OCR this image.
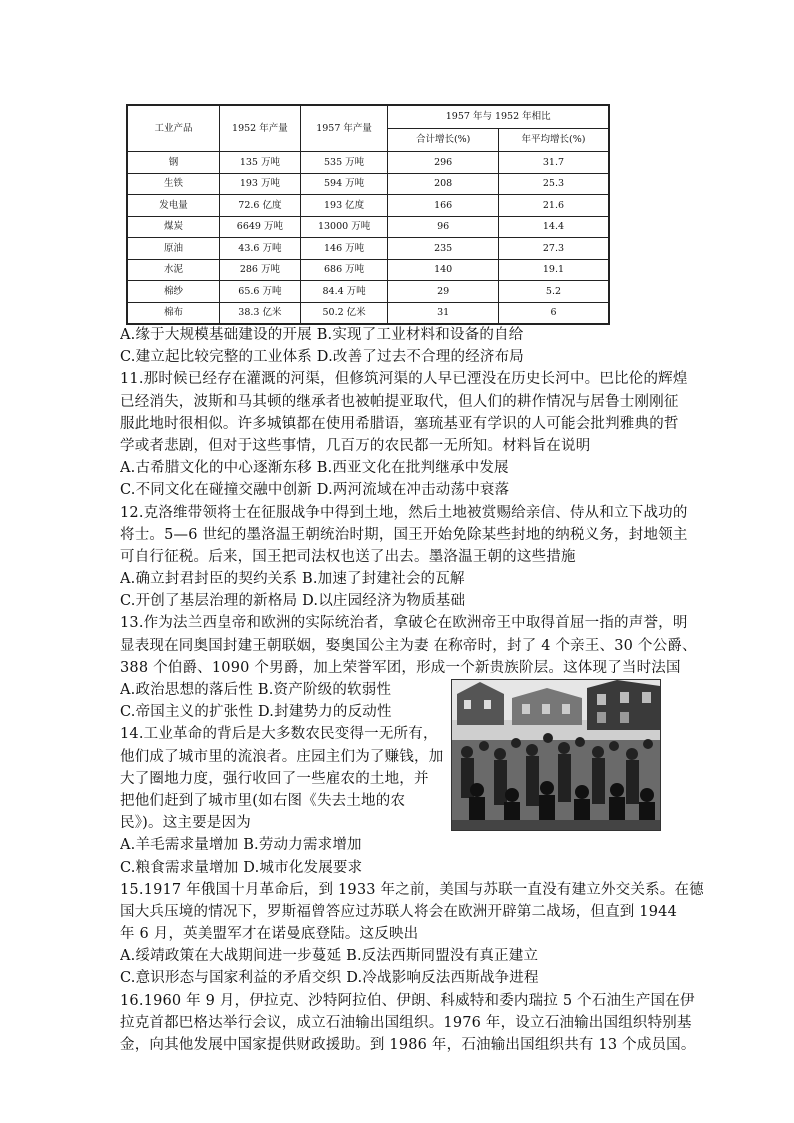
工业产品	1952 年产量	1957 年产量	1957 年与 1952 年相比	
			合计增长(%)	年平均增长(%)
钢	135 万吨	535 万吨	296	31.7
生铁	193 万吨	594 万吨	208	25.3
发电量	72.6 亿度	193 亿度	166	21.6
煤炭	6649 万吨	13000 万吨	96	14.4
原油	43.6 万吨	146 万吨	235	27.3
水泥	286 万吨	686 万吨	140	19.1
棉纱	65.6 万吨	84.4 万吨	29	5.2
棉布	38.3 亿米	50.2 亿米	31	6
A.缘于大规模基础建设的开展 B.实现了工业材料和设备的自给
C.建立起比较完整的工业体系 D.改善了过去不合理的经济布局
11.那时候已经存在灌溉的河渠，但修筑河渠的人早已湮没在历史长河中。巴比伦的辉煌
已经消失，波斯和马其顿的继承者也被帕提亚取代，但人们的耕作情况与居鲁士刚刚征
服此地时很相似。许多城镇都在使用希腊语，塞琉基亚有学识的人可能会批判雅典的哲
学或者悲剧，但对于这些事情，几百万的农民都一无所知。材料旨在说明
A.古希腊文化的中心逐渐东移 B.西亚文化在批判继承中发展
C.不同文化在碰撞交融中创新 D.两河流域在冲击动荡中衰落
12.克洛维带领将士在征服战争中得到土地，然后土地被赏赐给亲信、侍从和立下战功的
将士。5—6 世纪的墨洛温王朝统治时期，国王开始免除某些封地的纳税义务，封地领主
可自行征税。后来，国王把司法权也送了出去。墨洛温王朝的这些措施
A.确立封君封臣的契约关系 B.加速了封建社会的瓦解
C.开创了基层治理的新格局 D.以庄园经济为物质基础
13.作为法兰西皇帝和欧洲的实际统治者，拿破仑在欧洲帝王中取得首屈一指的声誉，明
显表现在同奥国封建王朝联姻，娶奥国公主为妻 在称帝时，封了 4 个亲王、30 个公爵、
388 个伯爵、1090 个男爵，加上荣誉军团，形成一个新贵族阶层。这体现了当时法国
A.政治思想的落后性 B.资产阶级的软弱性
C.帝国主义的扩张性 D.封建势力的反动性
14.工业革命的背后是大多数农民变得一无所有，
他们成了城市里的流浪者。庄园主们为了赚钱，加
大了圈地力度，强行收回了一些雇农的土地，并
把他们赶到了城市里(如右图《失去土地的农
民》)。这主要是因为
A.羊毛需求量增加 B.劳动力需求增加
C.粮食需求量增加 D.城市化发展要求
15.1917 年俄国十月革命后，到 1933 年之前，美国与苏联一直没有建立外交关系。在德
国大兵压境的情况下，罗斯福曾答应过苏联人将会在欧洲开辟第二战场，但直到 1944
年 6 月，英美盟军才在诺曼底登陆。这反映出
A.绥靖政策在大战期间进一步蔓延 B.反法西斯同盟没有真正建立
C.意识形态与国家利益的矛盾交织 D.冷战影响反法西斯战争进程
16.1960 年 9 月，伊拉克、沙特阿拉伯、伊朗、科威特和委内瑞拉 5 个石油生产国在伊
拉克首都巴格达举行会议，成立石油输出国组织。1976 年，设立石油输出国组织特别基
金，向其他发展中国家提供财政援助。到 1986 年，石油输出国组织共有 13 个成员国。
